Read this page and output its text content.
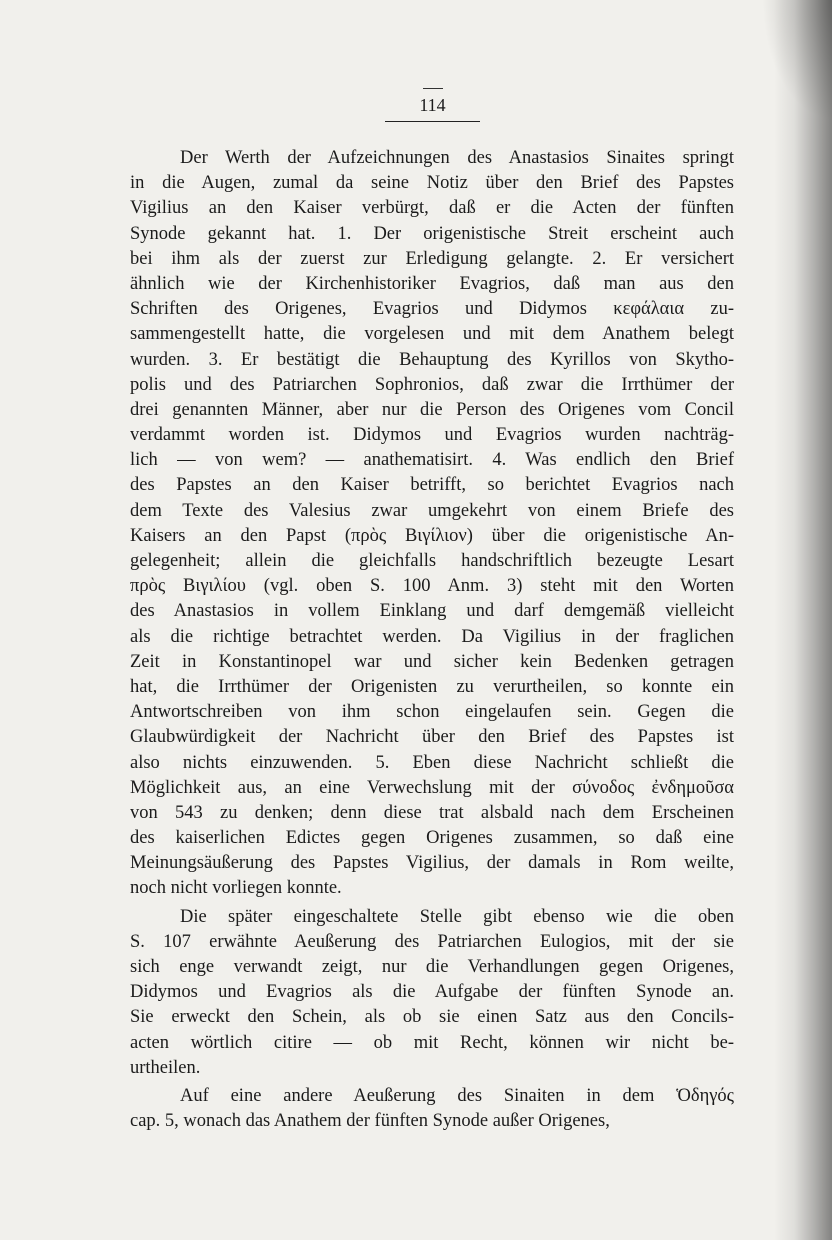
114
Der Werth der Aufzeichnungen des Anastasios Sinaites springt
in die Augen, zumal da seine Notiz über den Brief des Papstes
Vigilius an den Kaiser verbürgt, daß er die Acten der fünften
Synode gekannt hat. 1. Der origenistische Streit erscheint auch
bei ihm als der zuerst zur Erledigung gelangte. 2. Er versichert
ähnlich wie der Kirchenhistoriker Evagrios, daß man aus den
Schriften des Origenes, Evagrios und Didymos κεφάλαια zu-
sammengestellt hatte, die vorgelesen und mit dem Anathem belegt
wurden. 3. Er bestätigt die Behauptung des Kyrillos von Skytho-
polis und des Patriarchen Sophronios, daß zwar die Irrthümer der
drei genannten Männer, aber nur die Person des Origenes vom Concil
verdammt worden ist. Didymos und Evagrios wurden nachträg-
lich — von wem? — anathematisirt. 4. Was endlich den Brief
des Papstes an den Kaiser betrifft, so berichtet Evagrios nach
dem Texte des Valesius zwar umgekehrt von einem Briefe des
Kaisers an den Papst (πρὸς Βιγίλιον) über die origenistische An-
gelegenheit; allein die gleichfalls handschriftlich bezeugte Lesart
πρὸς Βιγιλίου (vgl. oben S. 100 Anm. 3) steht mit den Worten
des Anastasios in vollem Einklang und darf demgemäß vielleicht
als die richtige betrachtet werden. Da Vigilius in der fraglichen
Zeit in Konstantinopel war und sicher kein Bedenken getragen
hat, die Irrthümer der Origenisten zu verurtheilen, so konnte ein
Antwortschreiben von ihm schon eingelaufen sein. Gegen die
Glaubwürdigkeit der Nachricht über den Brief des Papstes ist
also nichts einzuwenden. 5. Eben diese Nachricht schließt die
Möglichkeit aus, an eine Verwechslung mit der σύνοδος ἐνδημοῦσα
von 543 zu denken; denn diese trat alsbald nach dem Erscheinen
des kaiserlichen Edictes gegen Origenes zusammen, so daß eine
Meinungsäußerung des Papstes Vigilius, der damals in Rom weilte,
noch nicht vorliegen konnte.
Die später eingeschaltete Stelle gibt ebenso wie die oben
S. 107 erwähnte Aeußerung des Patriarchen Eulogios, mit der sie
sich enge verwandt zeigt, nur die Verhandlungen gegen Origenes,
Didymos und Evagrios als die Aufgabe der fünften Synode an.
Sie erweckt den Schein, als ob sie einen Satz aus den Concils-
acten wörtlich citire — ob mit Recht, können wir nicht be-
urtheilen.
Auf eine andere Aeußerung des Sinaiten in dem Ὁδηγός
cap. 5, wonach das Anathem der fünften Synode außer Origenes,
